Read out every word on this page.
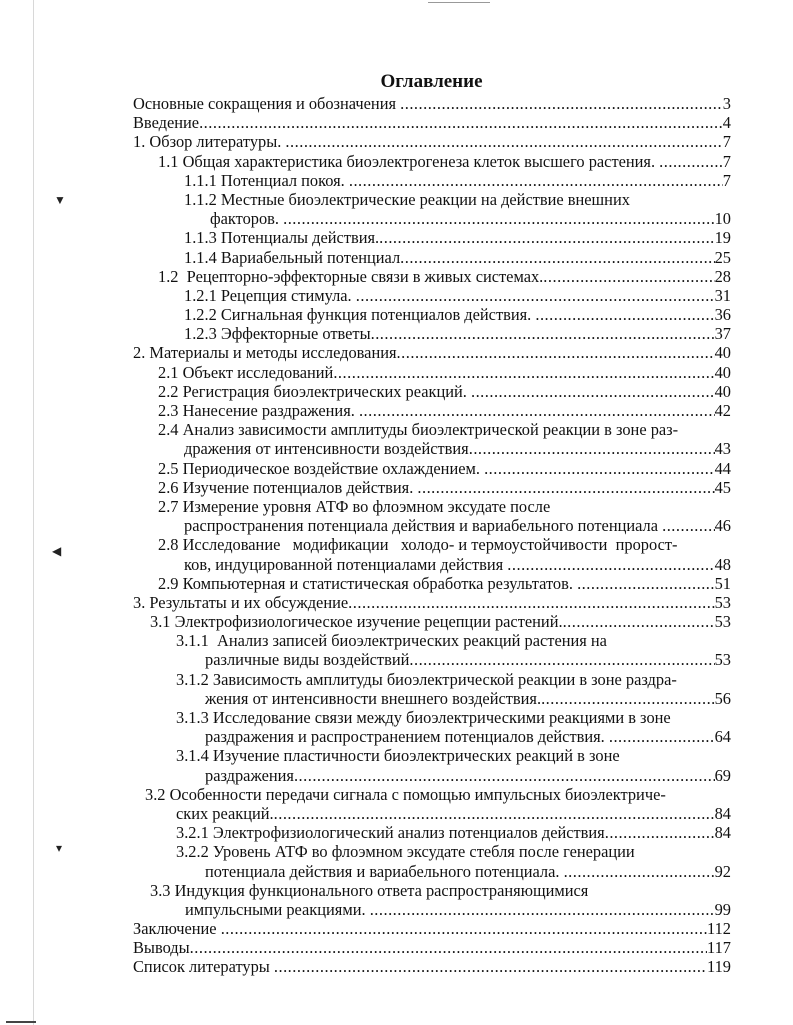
▼
◀
▾
Оглавление
Основные сокращения и обозначения .....	3
Введение .....	4
1. Обзор литературы. .....	7
1.1 Общая характеристика биоэлектрогенеза клеток высшего растения. .....	7
1.1.1 Потенциал покоя. .....	7
1.1.2 Местные биоэлектрические реакции на действие внешних
факторов. .....	10
1.1.3 Потенциалы действия. .....	19
1.1.4 Вариабельный потенциал .....	25
1.2  Рецепторно-эффекторные связи в живых системах. .....	28
1.2.1 Рецепция стимула. .....	31
1.2.2 Сигнальная функция потенциалов действия. .....	36
1.2.3 Эффекторные ответы .....	37
2. Материалы и методы исследования .....	40
2.1 Объект исследований .....	40
2.2 Регистрация биоэлектрических реакций. .....	40
2.3 Нанесение раздражения. .....	42
2.4 Анализ зависимости амплитуды биоэлектрической реакции в зоне раз-
дражения от интенсивности воздействия .....	43
2.5 Периодическое воздействие охлаждением. .....	44
2.6 Изучение потенциалов действия. .....	45
2.7 Измерение уровня АТФ во флоэмном эксудате после
распространения потенциала действия и вариабельного потенциала .....	46
2.8 Исследование   модификации   холодо- и термоустойчивости  пророст-
ков, индуцированной потенциалами действия .....	48
2.9 Компьютерная и статистическая обработка результатов. .....	51
3. Результаты и их обсуждение .....	53
3.1 Электрофизиологическое изучение рецепции растений. .....	53
3.1.1  Анализ записей биоэлектрических реакций растения на
различные виды воздействий .....	53
3.1.2 Зависимость амплитуды биоэлектрической реакции в зоне раздра-
жения от интенсивности внешнего воздействия. .....	56
3.1.3 Исследование связи между биоэлектрическими реакциями в зоне
раздражения и распространением потенциалов действия. .....	64
3.1.4 Изучение пластичности биоэлектрических реакций в зоне
раздражения .....	69
3.2 Особенности передачи сигнала с помощью импульсных биоэлектриче-
ских реакций. .....	84
3.2.1 Электрофизиологический анализ потенциалов действия .....	84
3.2.2 Уровень АТФ во флоэмном эксудате стебля после генерации
потенциала действия и вариабельного потенциала. .....	92
3.3 Индукция функционального ответа распространяющимися
импульсными реакциями. .....	99
Заключение .....	112
Выводы .....	117
Список литературы .....	119
